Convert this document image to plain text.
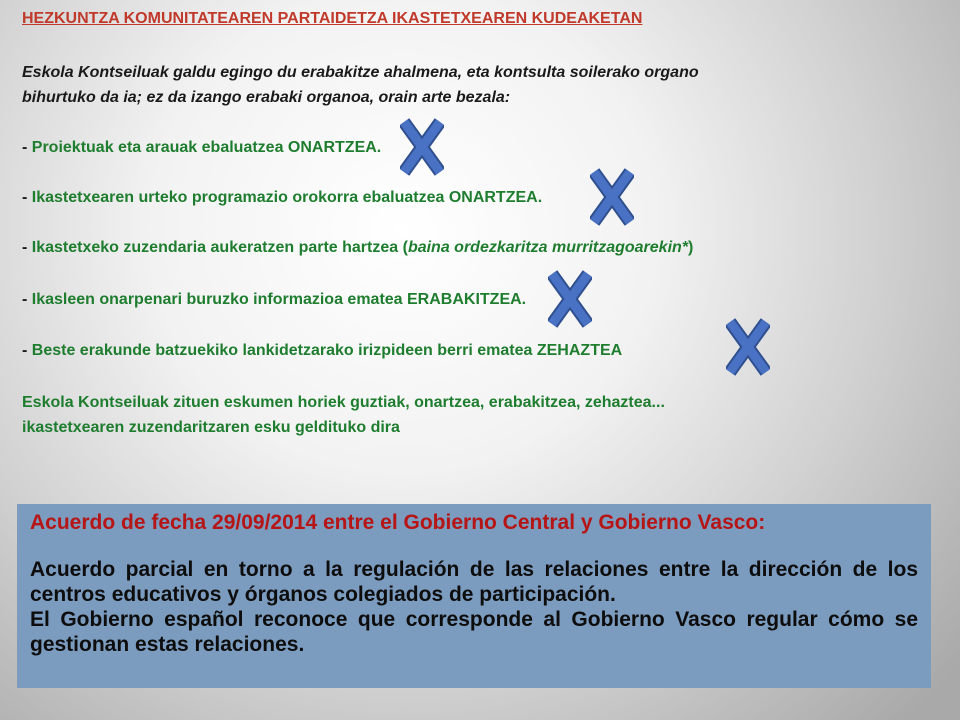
HEZKUNTZA KOMUNITATEAREN PARTAIDETZA IKASTETXEAREN KUDEAKETAN
Eskola Kontseiluak galdu egingo du erabakitze ahalmena, eta kontsulta soilerako organo
bihurtuko da ia; ez da izango erabaki organoa, orain arte bezala:
- Proiektuak eta arauak ebaluatzea ONARTZEA.
- Ikastetxearen urteko programazio orokorra ebaluatzea ONARTZEA.
- Ikastetxeko zuzendaria aukeratzen parte hartzea (baina ordezkaritza murritzagoarekin*)
- Ikasleen onarpenari buruzko informazioa ematea ERABAKITZEA.
- Beste erakunde batzuekiko lankidetzarako irizpideen berri ematea ZEHAZTEA
Eskola Kontseiluak zituen eskumen horiek guztiak, onartzea, erabakitzea, zehaztea...
ikastetxearen zuzendaritzaren esku geldituko dira

Acuerdo de fecha 29/09/2014 entre el Gobierno Central y Gobierno Vasco:

Acuerdo parcial en torno a la regulación de las relaciones entre la dirección de los centros educativos y órganos colegiados de participación.

El Gobierno español reconoce que corresponde al Gobierno Vasco regular cómo se gestionan estas relaciones.
